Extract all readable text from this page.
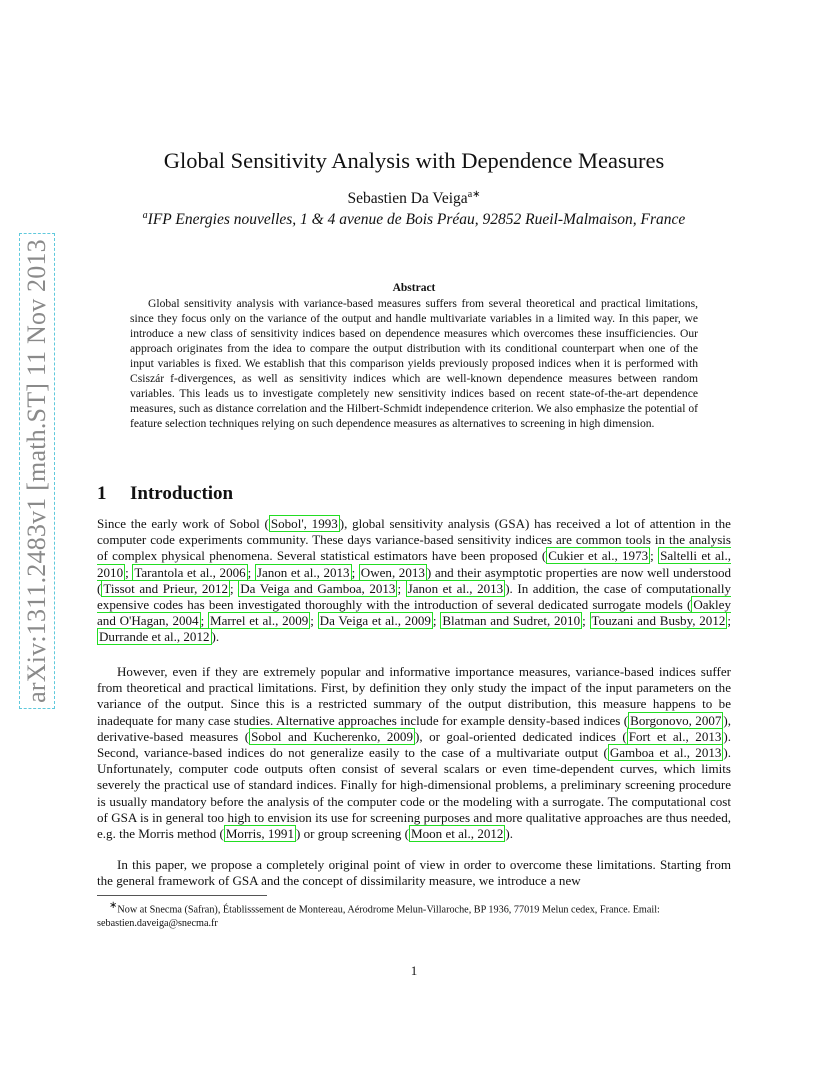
arXiv:1311.2483v1 [math.ST] 11 Nov 2013
Global Sensitivity Analysis with Dependence Measures
Sebastien Da Veiga$^{a∗}$
$^a$IFP Energies nouvelles, 1 & 4 avenue de Bois Préau, 92852 Rueil-Malmaison, France
Abstract

Global sensitivity analysis with variance-based measures suffers from several theoretical and practical limitations, since they focus only on the variance of the output and handle multivariate variables in a limited way. In this paper, we introduce a new class of sensitivity indices based on dependence measures which overcomes these insufficiencies. Our approach originates from the idea to compare the output distribution with its conditional counterpart when one of the input variables is fixed. We establish that this comparison yields previously proposed indices when it is performed with Csiszár f-divergences, as well as sensitivity indices which are well-known dependence measures between random variables. This leads us to investigate completely new sensitivity indices based on recent state-of-the-art dependence measures, such as distance correlation and the Hilbert-Schmidt independence criterion. We also emphasize the potential of feature selection techniques relying on such dependence measures as alternatives to screening in high dimension.

1 Introduction

Since the early work of Sobol ( Sobol', 1993 ), global sensitivity analysis (GSA) has received a lot of attention in the computer code experiments community. These days variance-based sensitivity indices are common tools in the analysis of complex physical phenomena. Several statistical estimators have been proposed ( Cukier et al., 1973 ; Saltelli et al., 2010 ; Tarantola et al., 2006 ; Janon et al., 2013 ; Owen, 2013 ) and their asymptotic properties are now well understood ( Tissot and Prieur, 2012 ; Da Veiga and Gamboa, 2013 ; Janon et al., 2013 ). In addition, the case of computationally expensive codes has been investigated thoroughly with the introduction of several dedicated surrogate models ( Oakley and O'Hagan, 2004 ; Marrel et al., 2009 ; Da Veiga et al., 2009 ; Blatman and Sudret, 2010 ; Touzani and Busby, 2012 ; Durrande et al., 2012 ).

However, even if they are extremely popular and informative importance measures, variance-based indices suffer from theoretical and practical limitations. First, by definition they only study the impact of the input parameters on the variance of the output. Since this is a restricted summary of the output distribution, this measure happens to be inadequate for many case studies. Alternative approaches include for example density-based indices ( Borgonovo, 2007 ), derivative-based measures ( Sobol and Kucherenko, 2009 ), or goal-oriented dedicated indices ( Fort et al., 2013 ). Second, variance-based indices do not generalize easily to the case of a multivariate output ( Gamboa et al., 2013 ). Unfortunately, computer code outputs often consist of several scalars or even time-dependent curves, which limits severely the practical use of standard indices. Finally for high-dimensional problems, a preliminary screening procedure is usually mandatory before the analysis of the computer code or the modeling with a surrogate. The computational cost of GSA is in general too high to envision its use for screening purposes and more qualitative approaches are thus needed, e.g. the Morris method ( Morris, 1991 ) or group screening ( Moon et al., 2012 ).

In this paper, we propose a completely original point of view in order to overcome these limitations. Starting from the general framework of GSA and the concept of dissimilarity measure, we introduce a new

∗Now at Snecma (Safran), Établisssement de Montereau, Aérodrome Melun-Villaroche, BP 1936, 77019 Melun cedex, France. Email: sebastien.daveiga@snecma.fr

1
